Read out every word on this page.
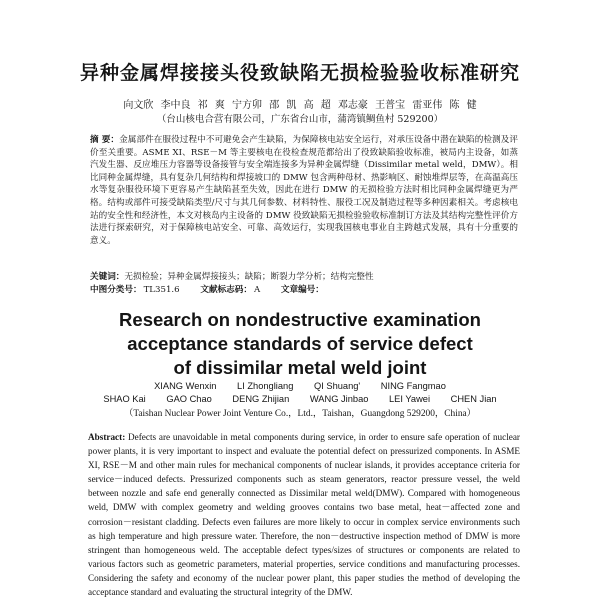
异种金属焊接接头役致缺陷无损检验验收标准研究
向文欣 李中良 祁 爽 宁方卯 邵 凯 高 超 邓志豪 王普宝 雷亚伟 陈 健
（台山核电合营有限公司，广东省台山市，蒲湾镇鲷鱼村 529200）
摘 要：金属部件在服役过程中不可避免会产生缺陷，为保障核电站安全运行，对承压设备中潜在缺陷的检测及评价至关重要。ASME XI、RSE－M 等主要核电在役检查规范都给出了役致缺陷验收标准，被局内主设备，如蒸汽发生器、反应堆压力容器等设备接管与安全端连接多为异种金属焊缝（Dissimilar metal weld，DMW）。相比同种金属焊缝，具有复杂几何结构和焊接坡口的 DMW 包含两种母材、热影响区、耐蚀堆焊层等，在高温高压水等复杂服役环境下更容易产生缺陷甚至失效，因此在进行 DMW 的无损检验方法时相比同种金属焊缝更为严格。结构或部件可接受缺陷类型/尺寸与其几何参数、材料特性、服役工况及制造过程等多种因素相关。考虑核电站的安全性和经济性，本文对核岛内主设备的 DMW 役致缺陷无损检验验收标准制订方法及其结构完整性评价方法进行探索研究，对于保障核电站安全、可靠、高效运行，实现我国核电事业自主跨越式发展，具有十分重要的意义。
关键词：无损检验；异种金属焊接接头；缺陷；断裂力学分析；结构完整性
中图分类号： TL351.6 文献标志码： A 文章编号：
Research on nondestructive examination
acceptance standards of service defect
of dissimilar metal weld joint
XIANG Wenxin LI Zhongliang QI Shuang' NING Fangmao
SHAO Kai GAO Chao DENG Zhijian WANG Jinbao LEI Yawei CHEN Jian
（Taishan Nuclear Power Joint Venture Co.，Ltd.，Taishan，Guangdong 529200，China）
Abstract: Defects are unavoidable in metal components during service, in order to ensure safe operation of nuclear power plants, it is very important to inspect and evaluate the potential defect on pressurized components. In ASME XI, RSE－M and other main rules for mechanical components of nuclear islands, it provides acceptance criteria for service－induced defects. Pressurized components such as steam generators, reactor pressure vessel, the weld between nozzle and safe end generally connected as Dissimilar metal weld(DMW). Compared with homogeneous weld, DMW with complex geometry and welding grooves contains two base metal, heat－affected zone and corrosion－resistant cladding. Defects even failures are more likely to occur in complex service environments such as high temperature and high pressure water. Therefore, the non－destructive inspection method of DMW is more stringent than homogeneous weld. The acceptable defect types/sizes of structures or components are related to various factors such as geometric parameters, material properties, service conditions and manufacturing processes. Considering the safety and economy of the nuclear power plant, this paper studies the method of developing the acceptance standard and evaluating the structural integrity of the DMW.
